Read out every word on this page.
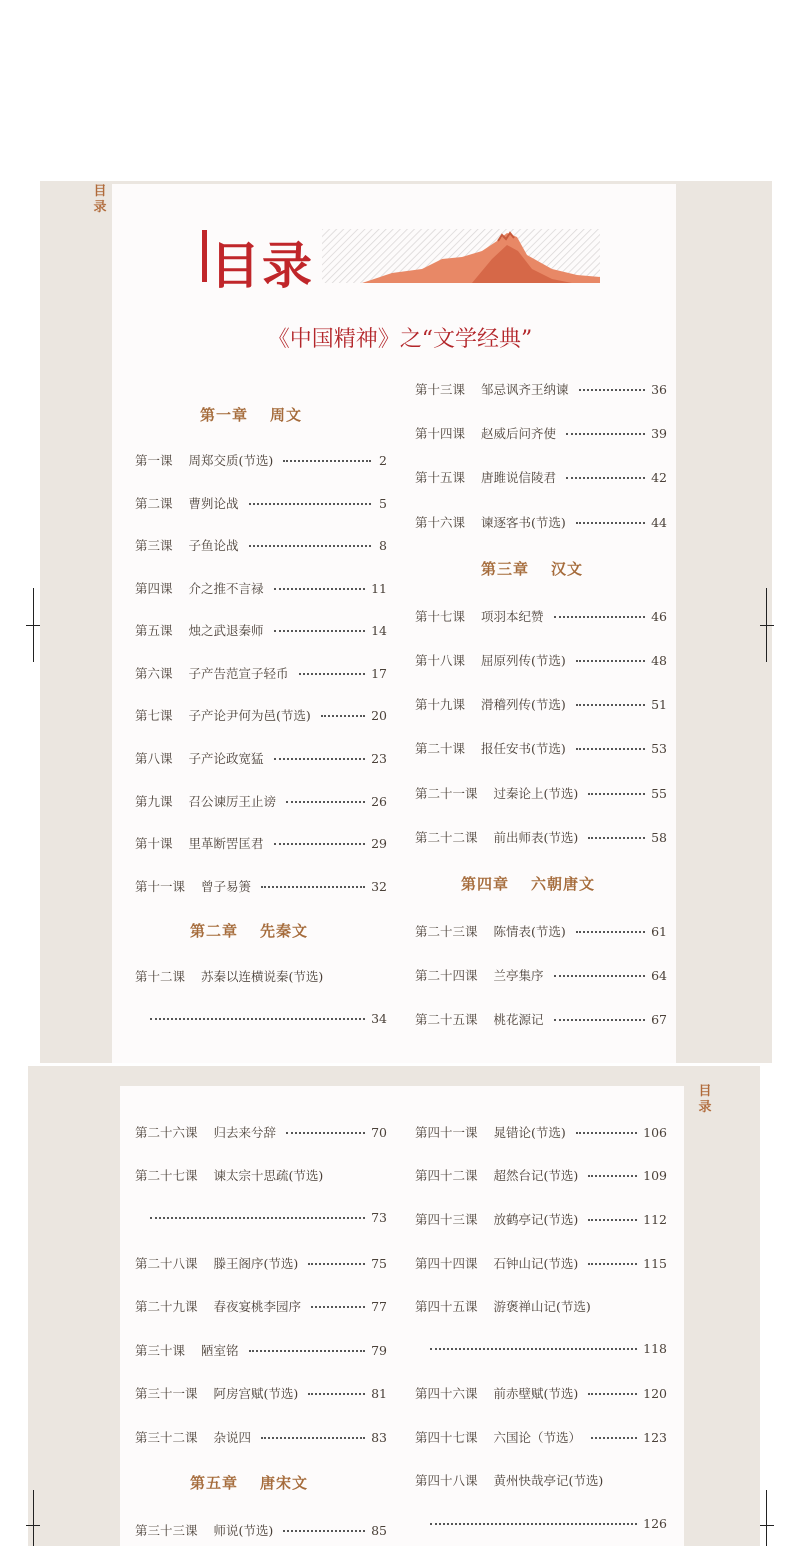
目录
目录
目录
《中国精神》之“文学经典”
第一章 周文
第二章 先秦文
第三章 汉文
第四章 六朝唐文
第五章 唐宋文
第一课 周郑交质(节选)	2
第二课 曹刿论战	5
第三课 子鱼论战	8
第四课 介之推不言禄	11
第五课 烛之武退秦师	14
第六课 子产告范宣子轻币	17
第七课 子产论尹何为邑(节选)	20
第八课 子产论政宽猛	23
第九课 召公谏厉王止谤	26
第十课 里革断罟匡君	29
第十一课 曾子易箦	32
第十二课 苏秦以连横说秦(节选)
34
第十三课 邹忌讽齐王纳谏	36
第十四课 赵威后问齐使	39
第十五课 唐雎说信陵君	42
第十六课 谏逐客书(节选)	44
第十七课 项羽本纪赞	46
第十八课 屈原列传(节选)	48
第十九课 滑稽列传(节选)	51
第二十课 报任安书(节选)	53
第二十一课 过秦论上(节选)	55
第二十二课 前出师表(节选)	58
第二十三课 陈情表(节选)	61
第二十四课 兰亭集序	64
第二十五课 桃花源记	67
第二十六课 归去来兮辞	70
第二十七课 谏太宗十思疏(节选)
73
第二十八课 滕王阁序(节选)	75
第二十九课 春夜宴桃李园序	77
第三十课 陋室铭	79
第三十一课 阿房宫赋(节选)	81
第三十二课 杂说四	83
第三十三课 师说(节选)	85
第四十一课 晁错论(节选)	106
第四十二课 超然台记(节选)	109
第四十三课 放鹤亭记(节选)	112
第四十四课 石钟山记(节选)	115
第四十五课 游褒禅山记(节选)
118
第四十六课 前赤壁赋(节选)	120
第四十七课 六国论（节选）	123
第四十八课 黄州快哉亭记(节选)
126
